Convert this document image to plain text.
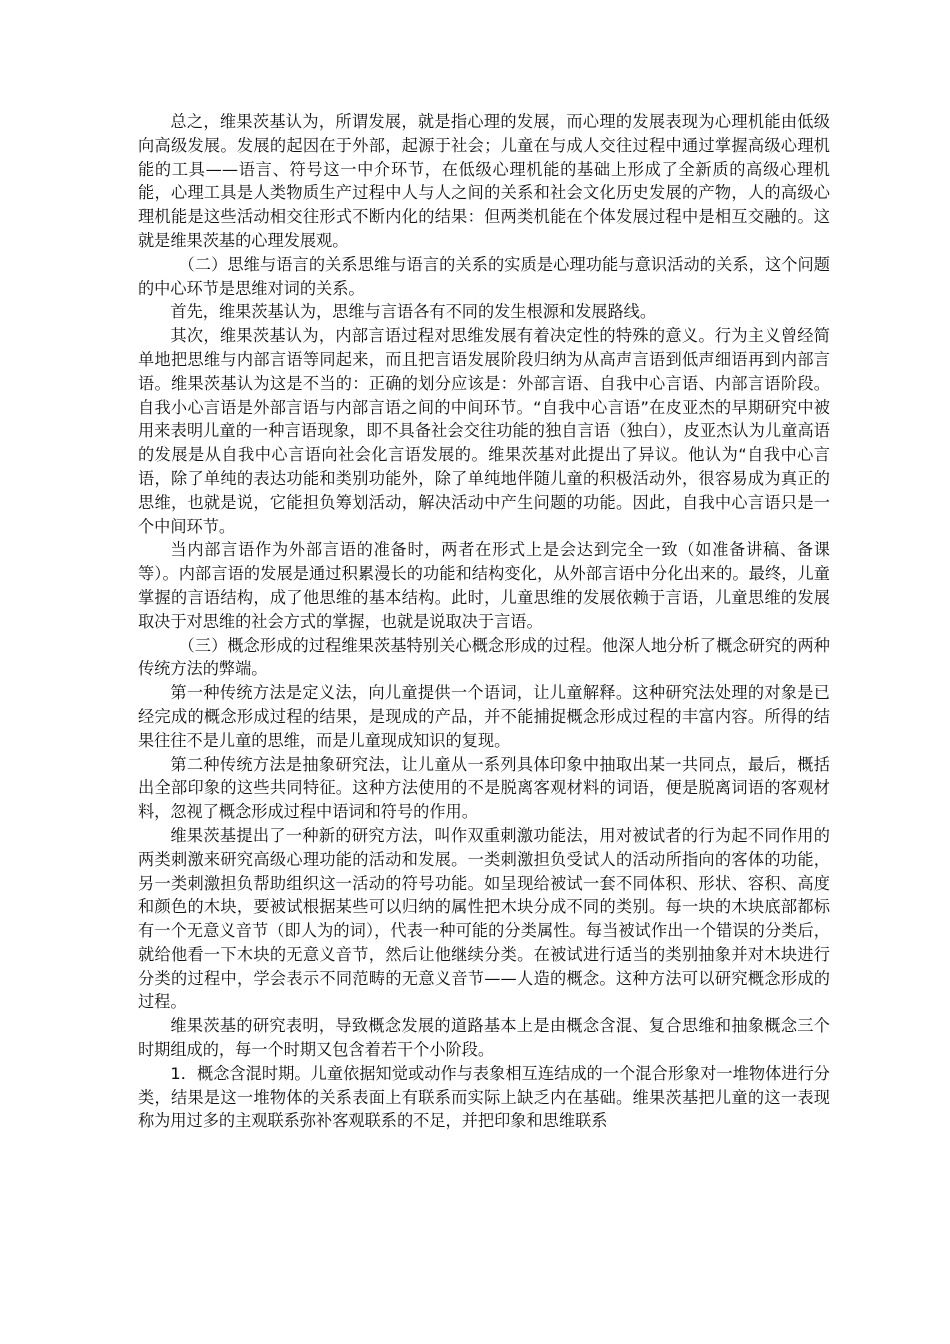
总之，维果茨基认为，所谓发展，就是指心理的发展，而心理的发展表现为心理机能由低级向高级发展。发展的起因在于外部，起源于社会；儿童在与成人交往过程中通过掌握高级心理机能的工具——语言、符号这一中介环节，在低级心理机能的基础上形成了全新质的高级心理机能，心理工具是人类物质生产过程中人与人之间的关系和社会文化历史发展的产物，人的高级心理机能是这些活动相交往形式不断内化的结果：但两类机能在个体发展过程中是相互交融的。这就是维果茨基的心理发展观。

（二）思维与语言的关系思维与语言的关系的实质是心理功能与意识活动的关系，这个问题的中心环节是思维对词的关系。

首先，维果茨基认为，思维与言语各有不同的发生根源和发展路线。

其次，维果茨基认为，内部言语过程对思维发展有着决定性的特殊的意义。行为主义曾经简单地把思维与内部言语等同起来，而且把言语发展阶段归纳为从高声言语到低声细语再到内部言语。维果茨基认为这是不当的：正确的划分应该是：外部言语、自我中心言语、内部言语阶段。自我小心言语是外部言语与内部言语之间的中间环节。“自我中心言语”在皮亚杰的早期研究中被用来表明儿童的一种言语现象，即不具备社会交往功能的独自言语（独白），皮亚杰认为儿童高语的发展是从自我中心言语向社会化言语发展的。维果茨基对此提出了异议。他认为“自我中心言语，除了单纯的表达功能和类别功能外，除了单纯地伴随儿童的积极活动外，很容易成为真正的思维，也就是说，它能担负筹划活动，解决活动中产生问题的功能。因此，自我中心言语只是一个中间环节。

当内部言语作为外部言语的准备时，两者在形式上是会达到完全一致（如准备讲稿、备课等）。内部言语的发展是通过积累漫长的功能和结构变化，从外部言语中分化出来的。最终，儿童掌握的言语结构，成了他思维的基本结构。此时，儿童思维的发展依赖于言语，儿童思维的发展取决于对思维的社会方式的掌握，也就是说取决于言语。

（三）概念形成的过程维果茨基特别关心概念形成的过程。他深人地分析了概念研究的两种传统方法的弊端。

第一种传统方法是定义法，向儿童提供一个语词，让儿童解释。这种研究法处理的对象是已经完成的概念形成过程的结果，是现成的产品，并不能捕捉概念形成过程的丰富内容。所得的结果往往不是儿童的思维，而是儿童现成知识的复现。

第二种传统方法是抽象研究法，让儿童从一系列具体印象中抽取出某一共同点，最后，概括出全部印象的这些共同特征。这种方法使用的不是脱离客观材料的词语，便是脱离词语的客观材料，忽视了概念形成过程中语词和符号的作用。

维果茨基提出了一种新的研究方法，叫作双重刺激功能法，用对被试者的行为起不同作用的两类刺激来研究高级心理功能的活动和发展。一类刺激担负受试人的活动所指向的客体的功能，另一类刺激担负帮助组织这一活动的符号功能。如呈现给被试一套不同体积、形状、容积、高度和颜色的木块，要被试根据某些可以归纳的属性把木块分成不同的类别。每一块的木块底部都标有一个无意义音节（即人为的词），代表一种可能的分类属性。每当被试作出一个错误的分类后，就给他看一下木块的无意义音节，然后让他继续分类。在被试进行适当的类别抽象并对木块进行分类的过程中，学会表示不同范畴的无意义音节——人造的概念。这种方法可以研究概念形成的过程。

维果茨基的研究表明，导致概念发展的道路基本上是由概念含混、复合思维和抽象概念三个时期组成的，每一个时期又包含着若干个小阶段。

1．概念含混时期。儿童依据知觉或动作与表象相互连结成的一个混合形象对一堆物体进行分类，结果是这一堆物体的关系表面上有联系而实际上缺乏内在基础。维果茨基把儿童的这一表现称为用过多的主观联系弥补客观联系的不足，并把印象和思维联系
